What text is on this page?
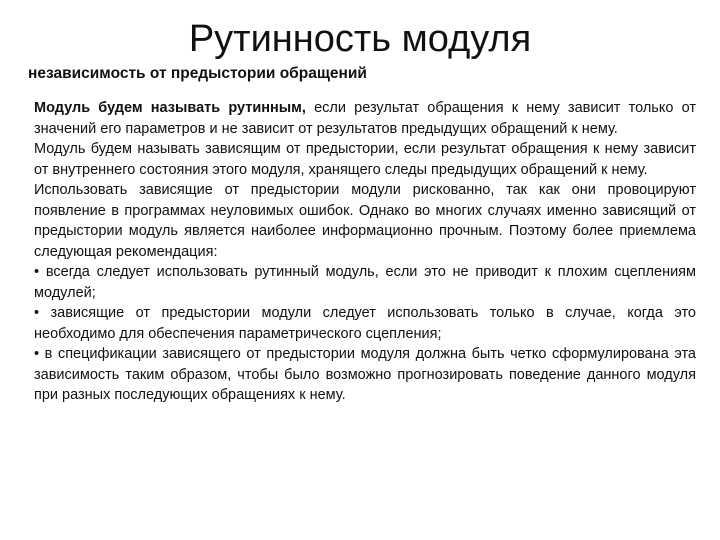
Рутинность модуля
независимость от предыстории обращений

Модуль будем называть рутинным, если результат обращения к нему зависит только от значений его параметров и не зависит от результатов предыдущих обращений к нему.

Модуль будем называть зависящим от предыстории, если результат обращения к нему зависит от внутреннего состояния этого модуля, хранящего следы предыдущих обращений к нему.

Использовать зависящие от предыстории модули рискованно, так как они провоцируют появление в программах неуловимых ошибок. Однако во многих случаях именно зависящий от предыстории модуль является наиболее информационно прочным. Поэтому более приемлема следующая рекомендация:

• всегда следует использовать рутинный модуль, если это не приводит к плохим сцеплениям модулей;

• зависящие от предыстории модули следует использовать только в случае, когда это необходимо для обеспечения параметрического сцепления;

• в спецификации зависящего от предыстории модуля должна быть четко сформулирована эта зависимость таким образом, чтобы было возможно прогнозировать поведение данного модуля при разных последующих обращениях к нему.
